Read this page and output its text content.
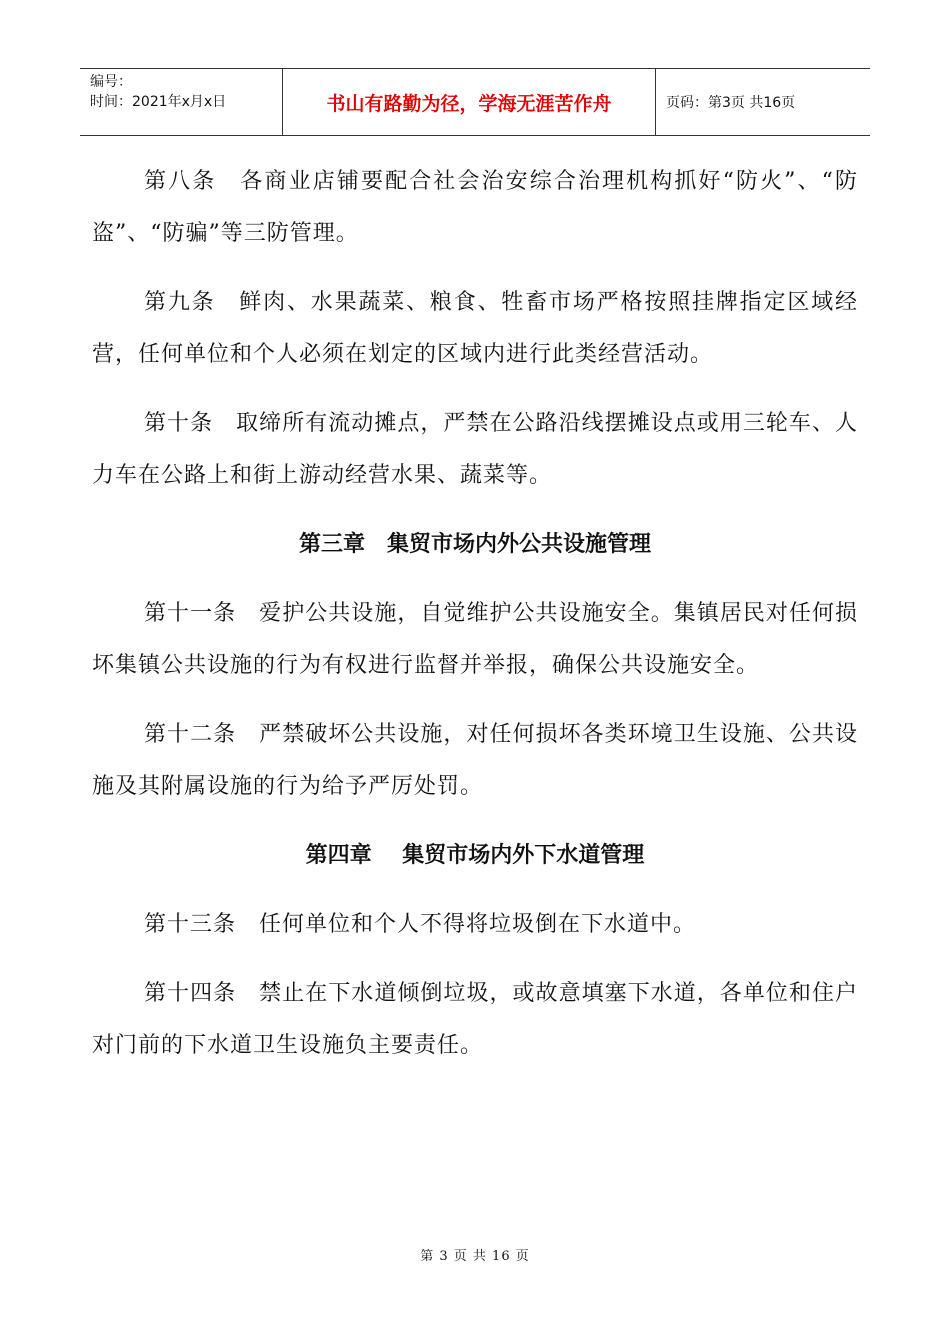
编号：
时间：2021年x月x日	书山有路勤为径，学海无涯苦作舟	页码：第3页 共16页

第八条　各商业店铺要配合社会治安综合治理机构抓好“防火”、“防盗”、“防骗”等三防管理。

第九条　鲜肉、水果蔬菜、粮食、牲畜市场严格按照挂牌指定区域经营，任何单位和个人必须在划定的区域内进行此类经营活动。

第十条　取缔所有流动摊点，严禁在公路沿线摆摊设点或用三轮车、人力车在公路上和街上游动经营水果、蔬菜等。

第三章　集贸市场内外公共设施管理

第十一条　爱护公共设施，自觉维护公共设施安全。集镇居民对任何损坏集镇公共设施的行为有权进行监督并举报，确保公共设施安全。

第十二条　严禁破坏公共设施，对任何损坏各类环境卫生设施、公共设施及其附属设施的行为给予严厉处罚。

第四章    集贸市场内外下水道管理

第十三条　任何单位和个人不得将垃圾倒在下水道中。

第十四条　禁止在下水道倾倒垃圾，或故意填塞下水道，各单位和住户对门前的下水道卫生设施负主要责任。

第 3 页 共 16 页
